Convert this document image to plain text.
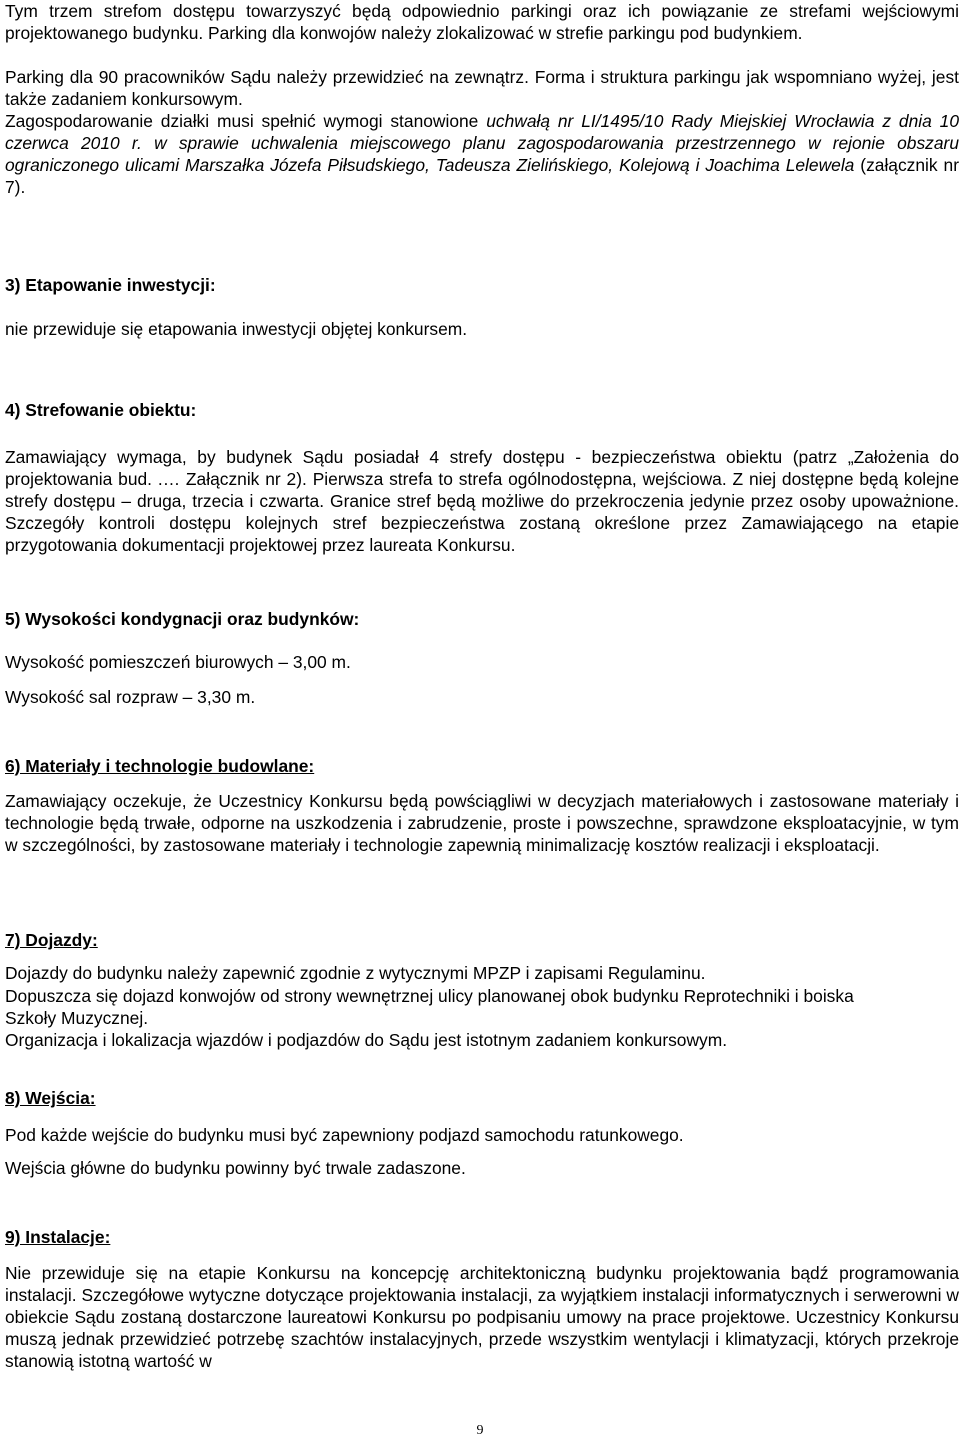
Tym trzem strefom dostępu towarzyszyć będą odpowiednio parkingi oraz ich powiązanie ze strefami wejściowymi projektowanego budynku. Parking dla konwojów należy zlokalizować w strefie parkingu pod budynkiem.

Parking dla 90 pracowników Sądu należy przewidzieć na zewnątrz. Forma i struktura parkingu jak wspomniano wyżej, jest także zadaniem konkursowym.

Zagospodarowanie działki musi spełnić wymogi stanowione uchwałą nr LI/1495/10 Rady Miejskiej Wrocławia z dnia 10 czerwca 2010 r. w sprawie uchwalenia miejscowego planu zagospodarowania przestrzennego w rejonie obszaru ograniczonego ulicami Marszałka Józefa Piłsudskiego, Tadeusza Zielińskiego, Kolejową i Joachima Lelewela (załącznik nr 7).

3) Etapowanie inwestycji:

nie przewiduje się etapowania inwestycji objętej konkursem.

4) Strefowanie obiektu:

Zamawiający wymaga, by budynek Sądu posiadał 4 strefy dostępu - bezpieczeństwa obiektu (patrz „Założenia do projektowania bud. .… Załącznik nr 2). Pierwsza strefa to strefa ogólnodostępna, wejściowa. Z niej dostępne będą kolejne strefy dostępu – druga, trzecia i czwarta. Granice stref będą możliwe do przekroczenia jedynie przez osoby upoważnione. Szczegóły kontroli dostępu kolejnych stref bezpieczeństwa zostaną określone przez Zamawiającego na etapie przygotowania dokumentacji projektowej przez laureata Konkursu.

5) Wysokości kondygnacji oraz budynków:

Wysokość pomieszczeń biurowych – 3,00 m.

Wysokość sal rozpraw – 3,30 m.

6) Materiały i technologie budowlane:

Zamawiający oczekuje, że Uczestnicy Konkursu będą powściągliwi w decyzjach materiałowych i zastosowane materiały i technologie będą trwałe, odporne na uszkodzenia i zabrudzenie, proste i powszechne, sprawdzone eksploatacyjnie, w tym w szczególności, by zastosowane materiały i technologie zapewnią minimalizację kosztów realizacji i eksploatacji.

7) Dojazdy:

Dojazdy do budynku należy zapewnić zgodnie z wytycznymi MPZP i zapisami Regulaminu.

Dopuszcza się dojazd konwojów od strony wewnętrznej ulicy planowanej obok budynku Reprotechniki i boiska Szkoły Muzycznej.

Organizacja i lokalizacja wjazdów i podjazdów do Sądu jest istotnym zadaniem konkursowym.

8) Wejścia:

Pod każde wejście do budynku musi być zapewniony podjazd samochodu ratunkowego.

Wejścia główne do budynku powinny być trwale zadaszone.

9) Instalacje:

Nie przewiduje się na etapie Konkursu na koncepcję architektoniczną budynku projektowania bądź programowania instalacji. Szczegółowe wytyczne dotyczące projektowania instalacji, za wyjątkiem instalacji informatycznych i serwerowni w obiekcie Sądu zostaną dostarczone laureatowi Konkursu po podpisaniu umowy na prace projektowe. Uczestnicy Konkursu muszą jednak przewidzieć potrzebę szachtów instalacyjnych, przede wszystkim wentylacji i klimatyzacji, których przekroje stanowią istotną wartość w

9
